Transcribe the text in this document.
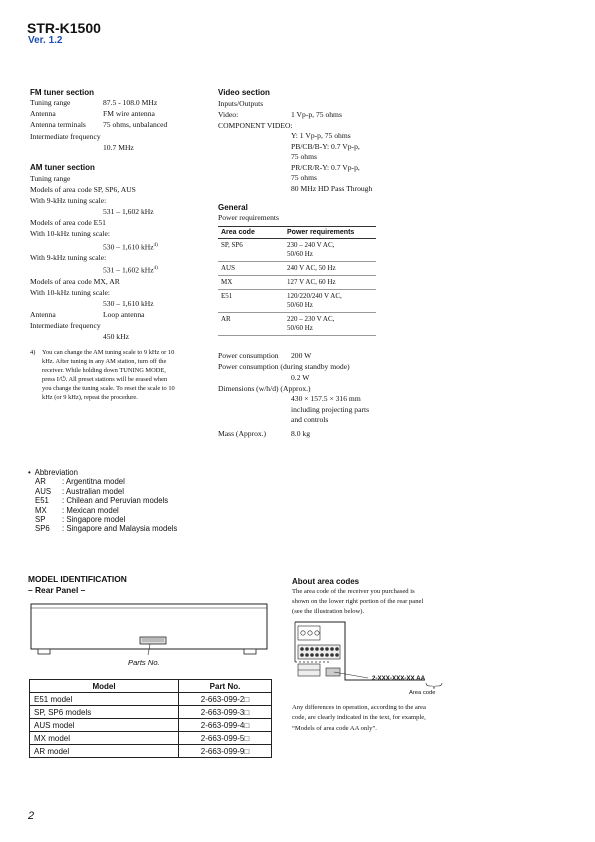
STR-K1500
Ver. 1.2
FM tuner section
Tuning range	87.5 - 108.0 MHz
Antenna	FM wire antenna
Antenna terminals 75 ohms, unbalanced
Intermediate frequency
10.7 MHz
AM tuner section
Tuning range
Models of area code SP, SP6, AUS
With 9-kHz tuning scale:
531 – 1,602 kHz
Models of area code E51
With 10-kHz tuning scale:
530 – 1,610 kHz$^{4)}$
With 9-kHz tuning scale:
531 – 1,602 kHz$^{4)}$
Models of area code MX, AR
With 10-kHz tuning scale:
530 – 1,610 kHz
Antenna	Loop antenna
Intermediate frequency
450 kHz
4) You can change the AM tuning scale to 9 kHz or 10
kHz. After tuning in any AM station, turn off the
receiver. While holding down TUNING MODE,
press I/⏻. All preset stations will be erased when
you change the tuning scale. To reset the scale to 10
kHz (or 9 kHz), repeat the procedure.
Video section
Inputs/Outputs
Video:	1 Vp-p, 75 ohms
COMPONENT VIDEO:
Y: 1 Vp-p, 75 ohms
PB/CB/B-Y: 0.7 Vp-p,
75 ohms
PR/CR/R-Y: 0.7 Vp-p,
75 ohms
80 MHz HD Pass Through
General
Power requirements
Area code	Power requirements
SP, SP6	230 – 240 V AC,
50/60 Hz

AUS	240 V AC, 50 Hz

MX	127 V AC, 60 Hz

E51	120/220/240 V AC,
50/60 Hz

AR	220 – 230 V AC,
50/60 Hz
Power consumption 200 W
Power consumption (during standby mode)
0.2 W
Dimensions (w/h/d) (Approx.)
430 × 157.5 × 316 mm
including projecting parts
and controls
Mass (Approx.)	8.0 kg
• Abbreviation
AR : Argentitna model
AUS : Australian model
E51 : Chilean and Peruvian models
MX : Mexican model
SP : Singapore model
SP6 : Singapore and Malaysia models
MODEL IDENTIFICATION
– Rear Panel –
Parts No.
Model	Part No.
E51 model	2-663-099-2□
SP, SP6 models	2-663-099-3□
AUS model	2-663-099-4□
MX model	2-663-099-5□
AR model	2-663-099-9□
About area codes
The area code of the receiver you purchased is
shown on the lower right portion of the rear panel
(see the illustration below).
2-XXX-XXX-XX AA
Area code
Any differences in operation, according to the area
code, are clearly indicated in the text, for example,
“Models of area code AA only”.
2
